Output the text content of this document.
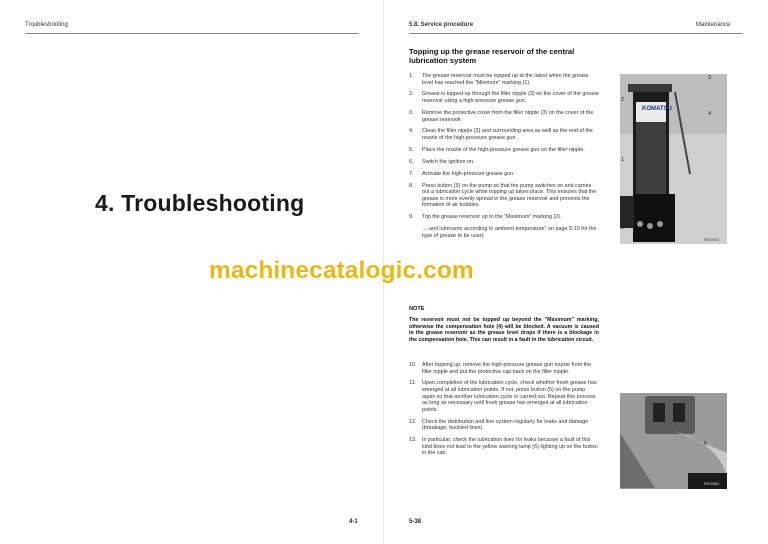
Troubleshooting
4. Troubleshooting
4-1
5.8. Service procedure	Maintenance
Topping up the grease reservoir of the central lubrication system
1. The grease reservoir must be topped up at the latest when the grease level has reached the "Minimum" marking (1).
2. Grease is topped up through the filler nipple (3) on the cover of the grease reservoir using a high-pressure grease gun.
3. Remove the protective cover from the filler nipple (3) on the cover of the grease reservoir.
4. Clean the filler nipple (3) and surrounding area as well as the end of the nozzle of the high-pressure grease gun.
5. Place the nozzle of the high-pressure grease gun on the filler nipple.
6. Switch the ignition on.
7. Activate the high-pressure grease gun.
8. Press button (5) on the pump so that the pump switches on and carries out a lubrication cycle while topping up takes place. This ensures that the grease is more evenly spread in the grease reservoir and prevents the formation of air bubbles.
9. Top the grease reservoir up to the "Maximum" marking (2).
… and lubricants according to ambient temperature" on page 5-10 for the type of grease to be used.
NOTE
The reservoir must not be topped up beyond the "Maximum" marking, otherwise the compensation hole (4) will be blocked. A vacuum is caused in the grease reservoir as the grease level drops if there is a blockage in the compensation hole. This can result in a fault in the lubrication circuit.
10. After topping up, remove the high-pressure grease gun nozzle from the filler nipple and put the protective cap back on the filler nipple.
11. Upon completion of the lubrication cycle, check whether fresh grease has emerged at all lubrication points. If not, press button (5) on the pump again so that another lubrication cycle is carried out. Repeat this process as long as necessary until fresh grease has emerged at all lubrication points.
12. Check the distribution and line system regularly for leaks and damage (breakage, buckled lines).
13. In particular, check the lubrication lines for leaks because a fault of this kind does not lead to the yellow warning lamp (6) lighting up on the button in the cab.
KOMATSU
3
4
2
1
5
RR10553
6
RR10563
5-38
machinecatalogic.com
